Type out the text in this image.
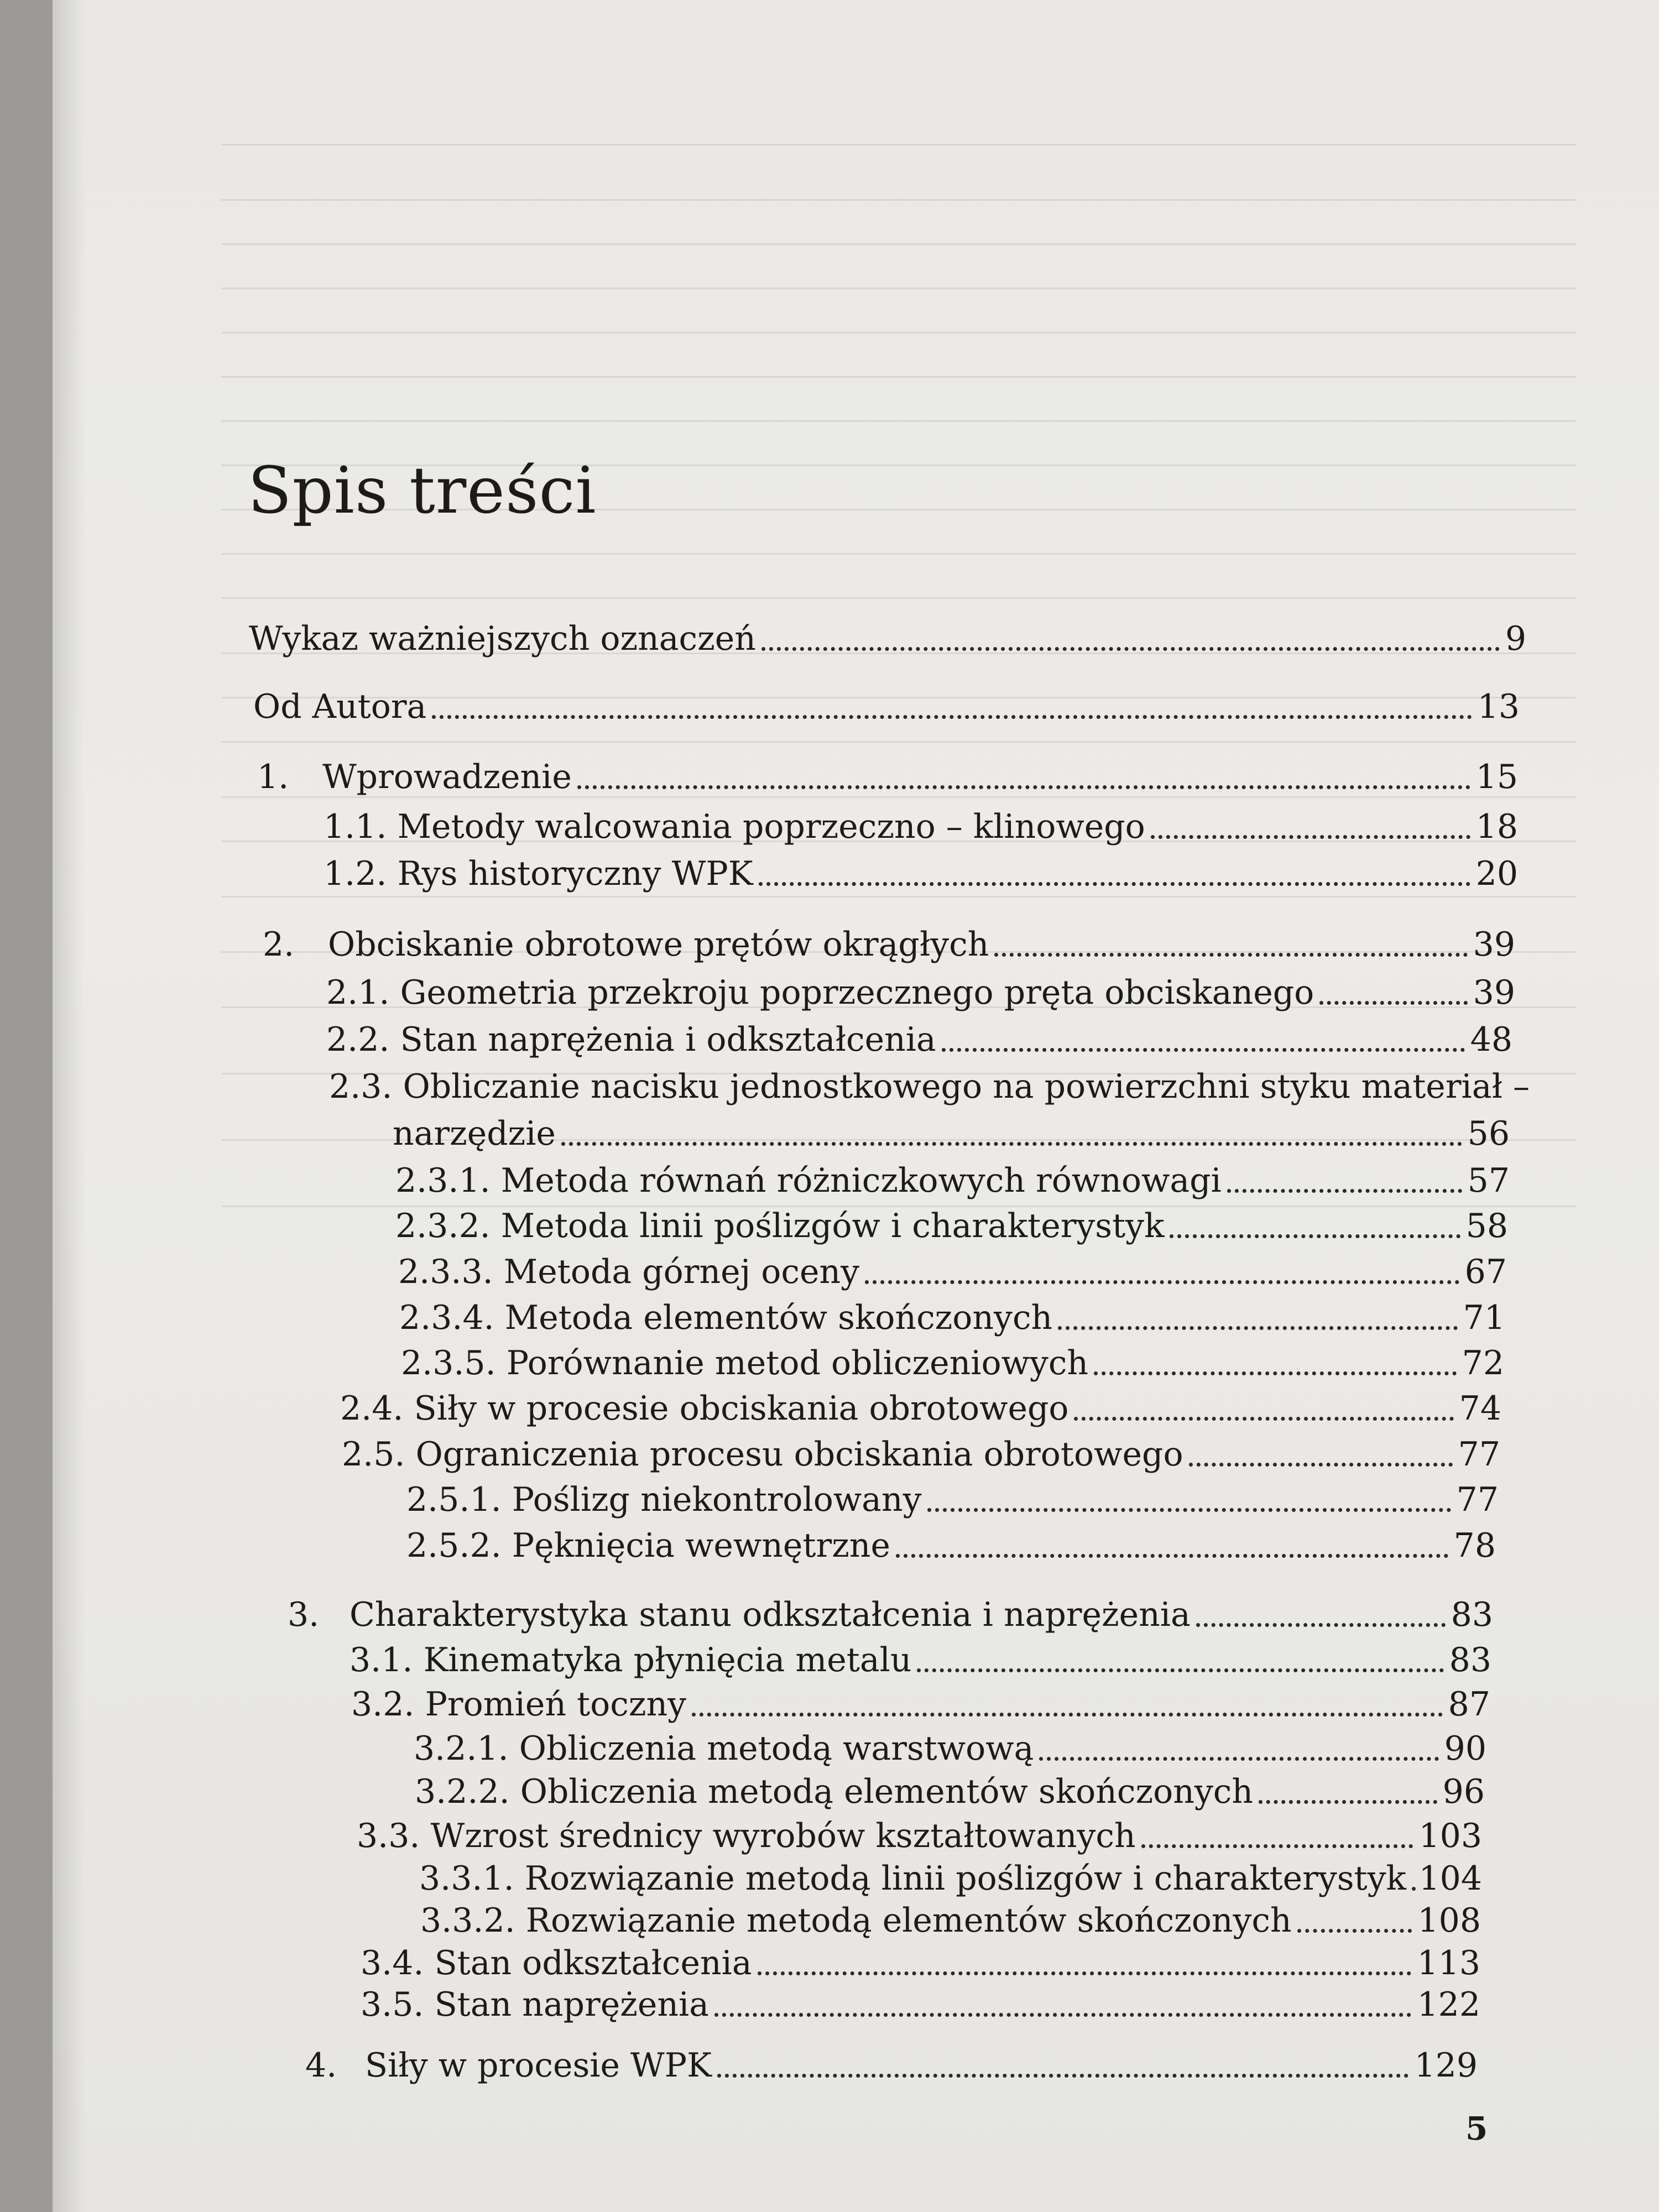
Spis treści
Wykaz ważniejszych oznaczeń	9
Od Autora	13
1.	Wprowadzenie	15
1.1. Metody walcowania poprzeczno – klinowego	18
1.2. Rys historyczny WPK	20
2.	Obciskanie obrotowe prętów okrągłych	39
2.1. Geometria przekroju poprzecznego pręta obciskanego	39
2.2. Stan naprężenia i odkształcenia	48
2.3. Obliczanie nacisku jednostkowego na powierzchni styku materiał –
narzędzie	56
2.3.1. Metoda równań różniczkowych równowagi	57
2.3.2. Metoda linii poślizgów i charakterystyk	58
2.3.3. Metoda górnej oceny	67
2.3.4. Metoda elementów skończonych	71
2.3.5. Porównanie metod obliczeniowych	72
2.4. Siły w procesie obciskania obrotowego	74
2.5. Ograniczenia procesu obciskania obrotowego	77
2.5.1. Poślizg niekontrolowany	77
2.5.2. Pęknięcia wewnętrzne	78
3. Charakterystyka stanu odkształcenia i naprężenia	83
3.1. Kinematyka płynięcia metalu	83
3.2. Promień toczny	87
3.2.1. Obliczenia metodą warstwową	90
3.2.2. Obliczenia metodą elementów skończonych	96
3.3. Wzrost średnicy wyrobów kształtowanych	103
3.3.1. Rozwiązanie metodą linii poślizgów i charakterystyk 104
3.3.2. Rozwiązanie metodą elementów skończonych	108
3.4. Stan odkształcenia	113
3.5. Stan naprężenia	122
4. Siły w procesie WPK	129
5
